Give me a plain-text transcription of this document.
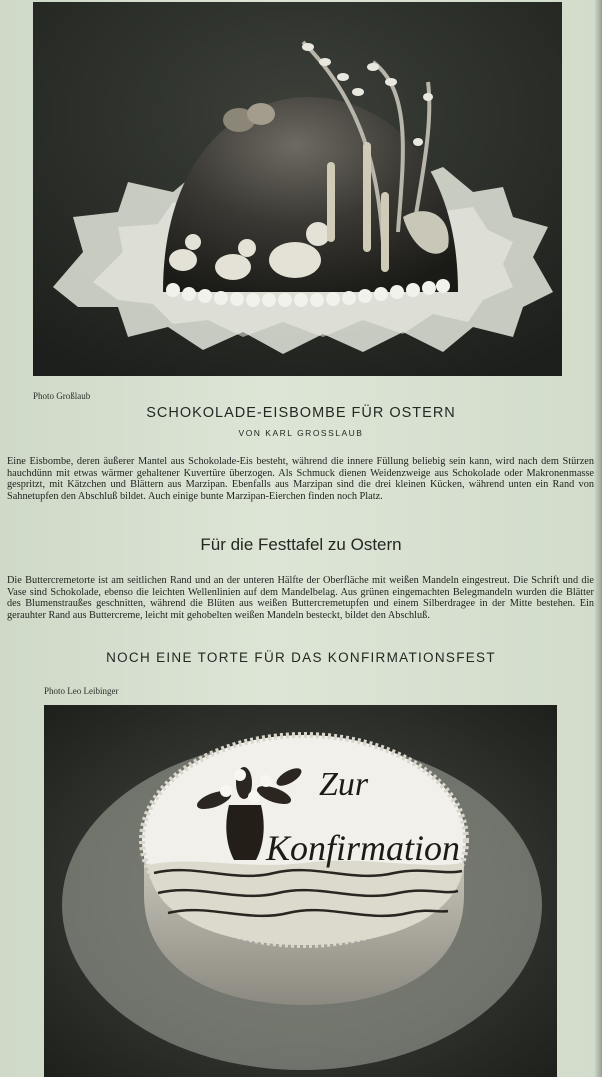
Photo Großlaub
SCHOKOLADE-EISBOMBE FÜR OSTERN
VON KARL GROSSLAUB

Eine Eisbombe, deren äußerer Mantel aus Schokolade-Eis besteht, während die innere Füllung beliebig sein kann, wird nach dem Stürzen hauchdünn mit etwas wärmer gehaltener Kuvertüre überzogen. Als Schmuck dienen Weidenzweige aus Schokolade oder Makronenmasse gespritzt, mit Kätzchen und Blättern aus Marzipan. Ebenfalls aus Marzipan sind die drei kleinen Kücken, während unten ein Rand von Sahnetupfen den Abschluß bildet. Auch einige bunte Marzipan-Eierchen finden noch Platz.

Für die Festtafel zu Ostern

Die Buttercremetorte ist am seitlichen Rand und an der unteren Hälfte der Oberfläche mit weißen Mandeln eingestreut. Die Schrift und die Vase sind Schokolade, ebenso die leichten Wellenlinien auf dem Mandelbelag. Aus grünen eingemachten Belegmandeln wurden die Blätter des Blumenstraußes geschnitten, während die Blüten aus weißen Buttercremetupfen und einem Silberdragee in der Mitte bestehen. Ein gerauhter Rand aus Buttercreme, leicht mit gehobelten weißen Mandeln besteckt, bildet den Abschluß.

NOCH EINE TORTE FÜR DAS KONFIRMATIONSFEST
Photo Leo Leibinger
Zur
Konfirmation
